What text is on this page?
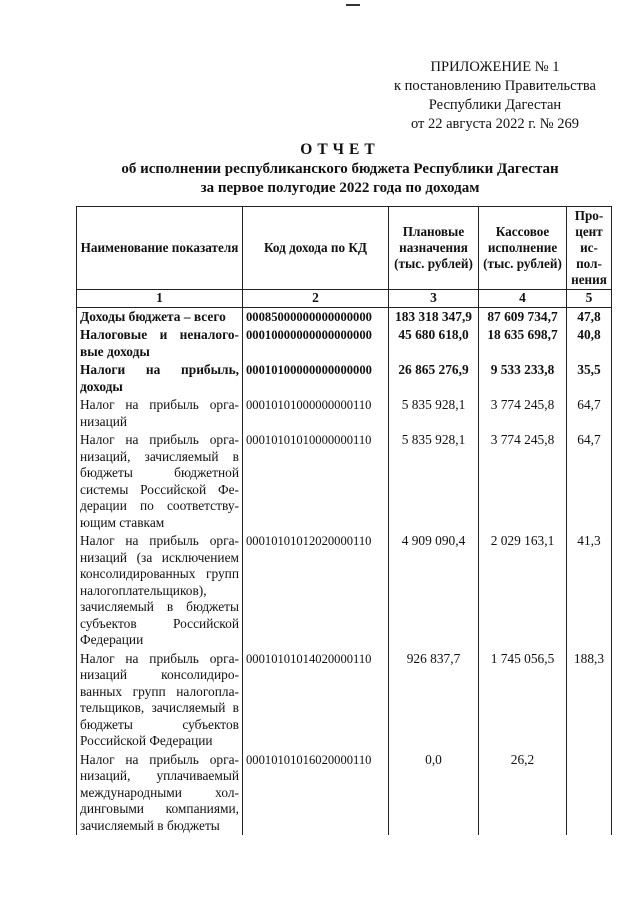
ПРИЛОЖЕНИЕ № 1
к постановлению Правительства
Республики Дагестан
от 22 августа 2022 г. № 269
ОТЧЕТ
об исполнении республиканского бюджета Республики Дагестан
за первое полугодие 2022 года по доходам
Наименование показателя	Код дохода по КД	Плановые назначения (тыс. рублей)	Кассовое исполнение (тыс. рублей)	Процент исполнения
1	2	3	4	5
Доходы бюджета – всего	00085000000000000000	183 318 347,9	87 609 734,7	47,8
Налоговые и неналоговые доходы	00010000000000000000	45 680 618,0	18 635 698,7	40,8
Налоги на прибыль, доходы	00010100000000000000	26 865 276,9	9 533 233,8	35,5
Налог на прибыль организаций	00010101000000000110	5 835 928,1	3 774 245,8	64,7
Налог на прибыль организаций, зачисляемый в бюджеты бюджетной системы Российской Федерации по соответствующим ставкам	00010101010000000110	5 835 928,1	3 774 245,8	64,7
Налог на прибыль организаций (за исключением консолидированных групп налогоплательщиков), зачисляемый в бюджеты субъектов Российской Федерации	00010101012020000110	4 909 090,4	2 029 163,1	41,3
Налог на прибыль организаций консолидированных групп налогоплательщиков, зачисляемый в бюджеты субъектов Российской Федерации	00010101014020000110	926 837,7	1 745 056,5	188,3
Налог на прибыль организаций, уплачиваемый международными холдинговыми компаниями, зачисляемый в бюджеты	00010101016020000110	0,0	26,2	
